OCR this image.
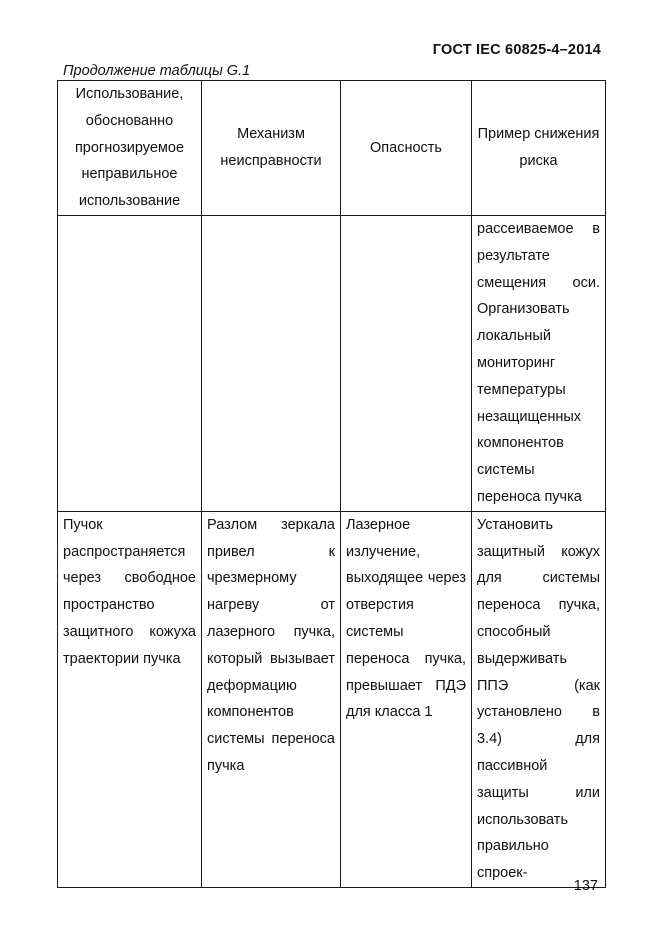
ГОСТ IEC 60825-4–2014
Продолжение таблицы G.1
Использование, обоснованно прогнозируемое неправильное использование	Механизм неисправности	Опасность	Пример снижения риска
			рассеиваемое в результате смещения оси. Организовать локальный мониторинг температуры незащищенных компонентов системы переноса пучка
Пучок распространяется через свободное пространство защитного кожуха траектории пучка	Разлом зеркала привел к чрезмерному нагреву от лазерного пучка, который вызывает деформацию компонентов системы переноса пучка	Лазерное излучение, выходящее через отверстия системы переноса пучка, превышает ПДЭ для класса 1	Установить защитный кожух для системы переноса пучка, способный выдерживать ППЭ (как установлено в 3.4) для пассивной защиты или использовать правильно спроек-
137
